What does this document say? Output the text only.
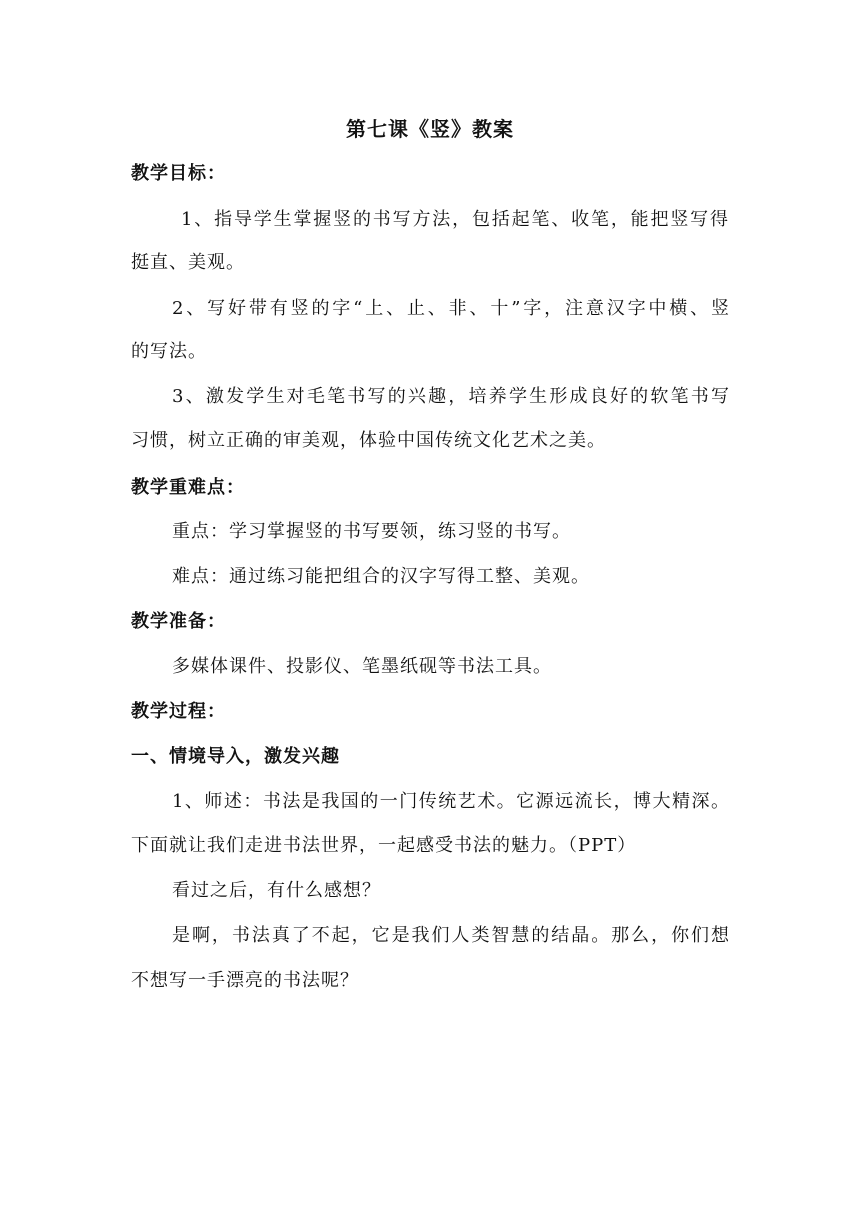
第七课《竖》教案
教学目标：
1、指导学生掌握竖的书写方法，包括起笔、收笔，能把竖写得
挺直、美观。
2、写好带有竖的字“上、止、非、十”字，注意汉字中横、竖
的写法。
3、激发学生对毛笔书写的兴趣，培养学生形成良好的软笔书写
习惯，树立正确的审美观，体验中国传统文化艺术之美。
教学重难点：
重点：学习掌握竖的书写要领，练习竖的书写。
难点：通过练习能把组合的汉字写得工整、美观。
教学准备：
多媒体课件、投影仪、笔墨纸砚等书法工具。
教学过程：
一、情境导入，激发兴趣
1、师述：书法是我国的一门传统艺术。它源远流长，博大精深。
下面就让我们走进书法世界，一起感受书法的魅力。（PPT）
看过之后，有什么感想？
是啊，书法真了不起，它是我们人类智慧的结晶。那么，你们想
不想写一手漂亮的书法呢？
